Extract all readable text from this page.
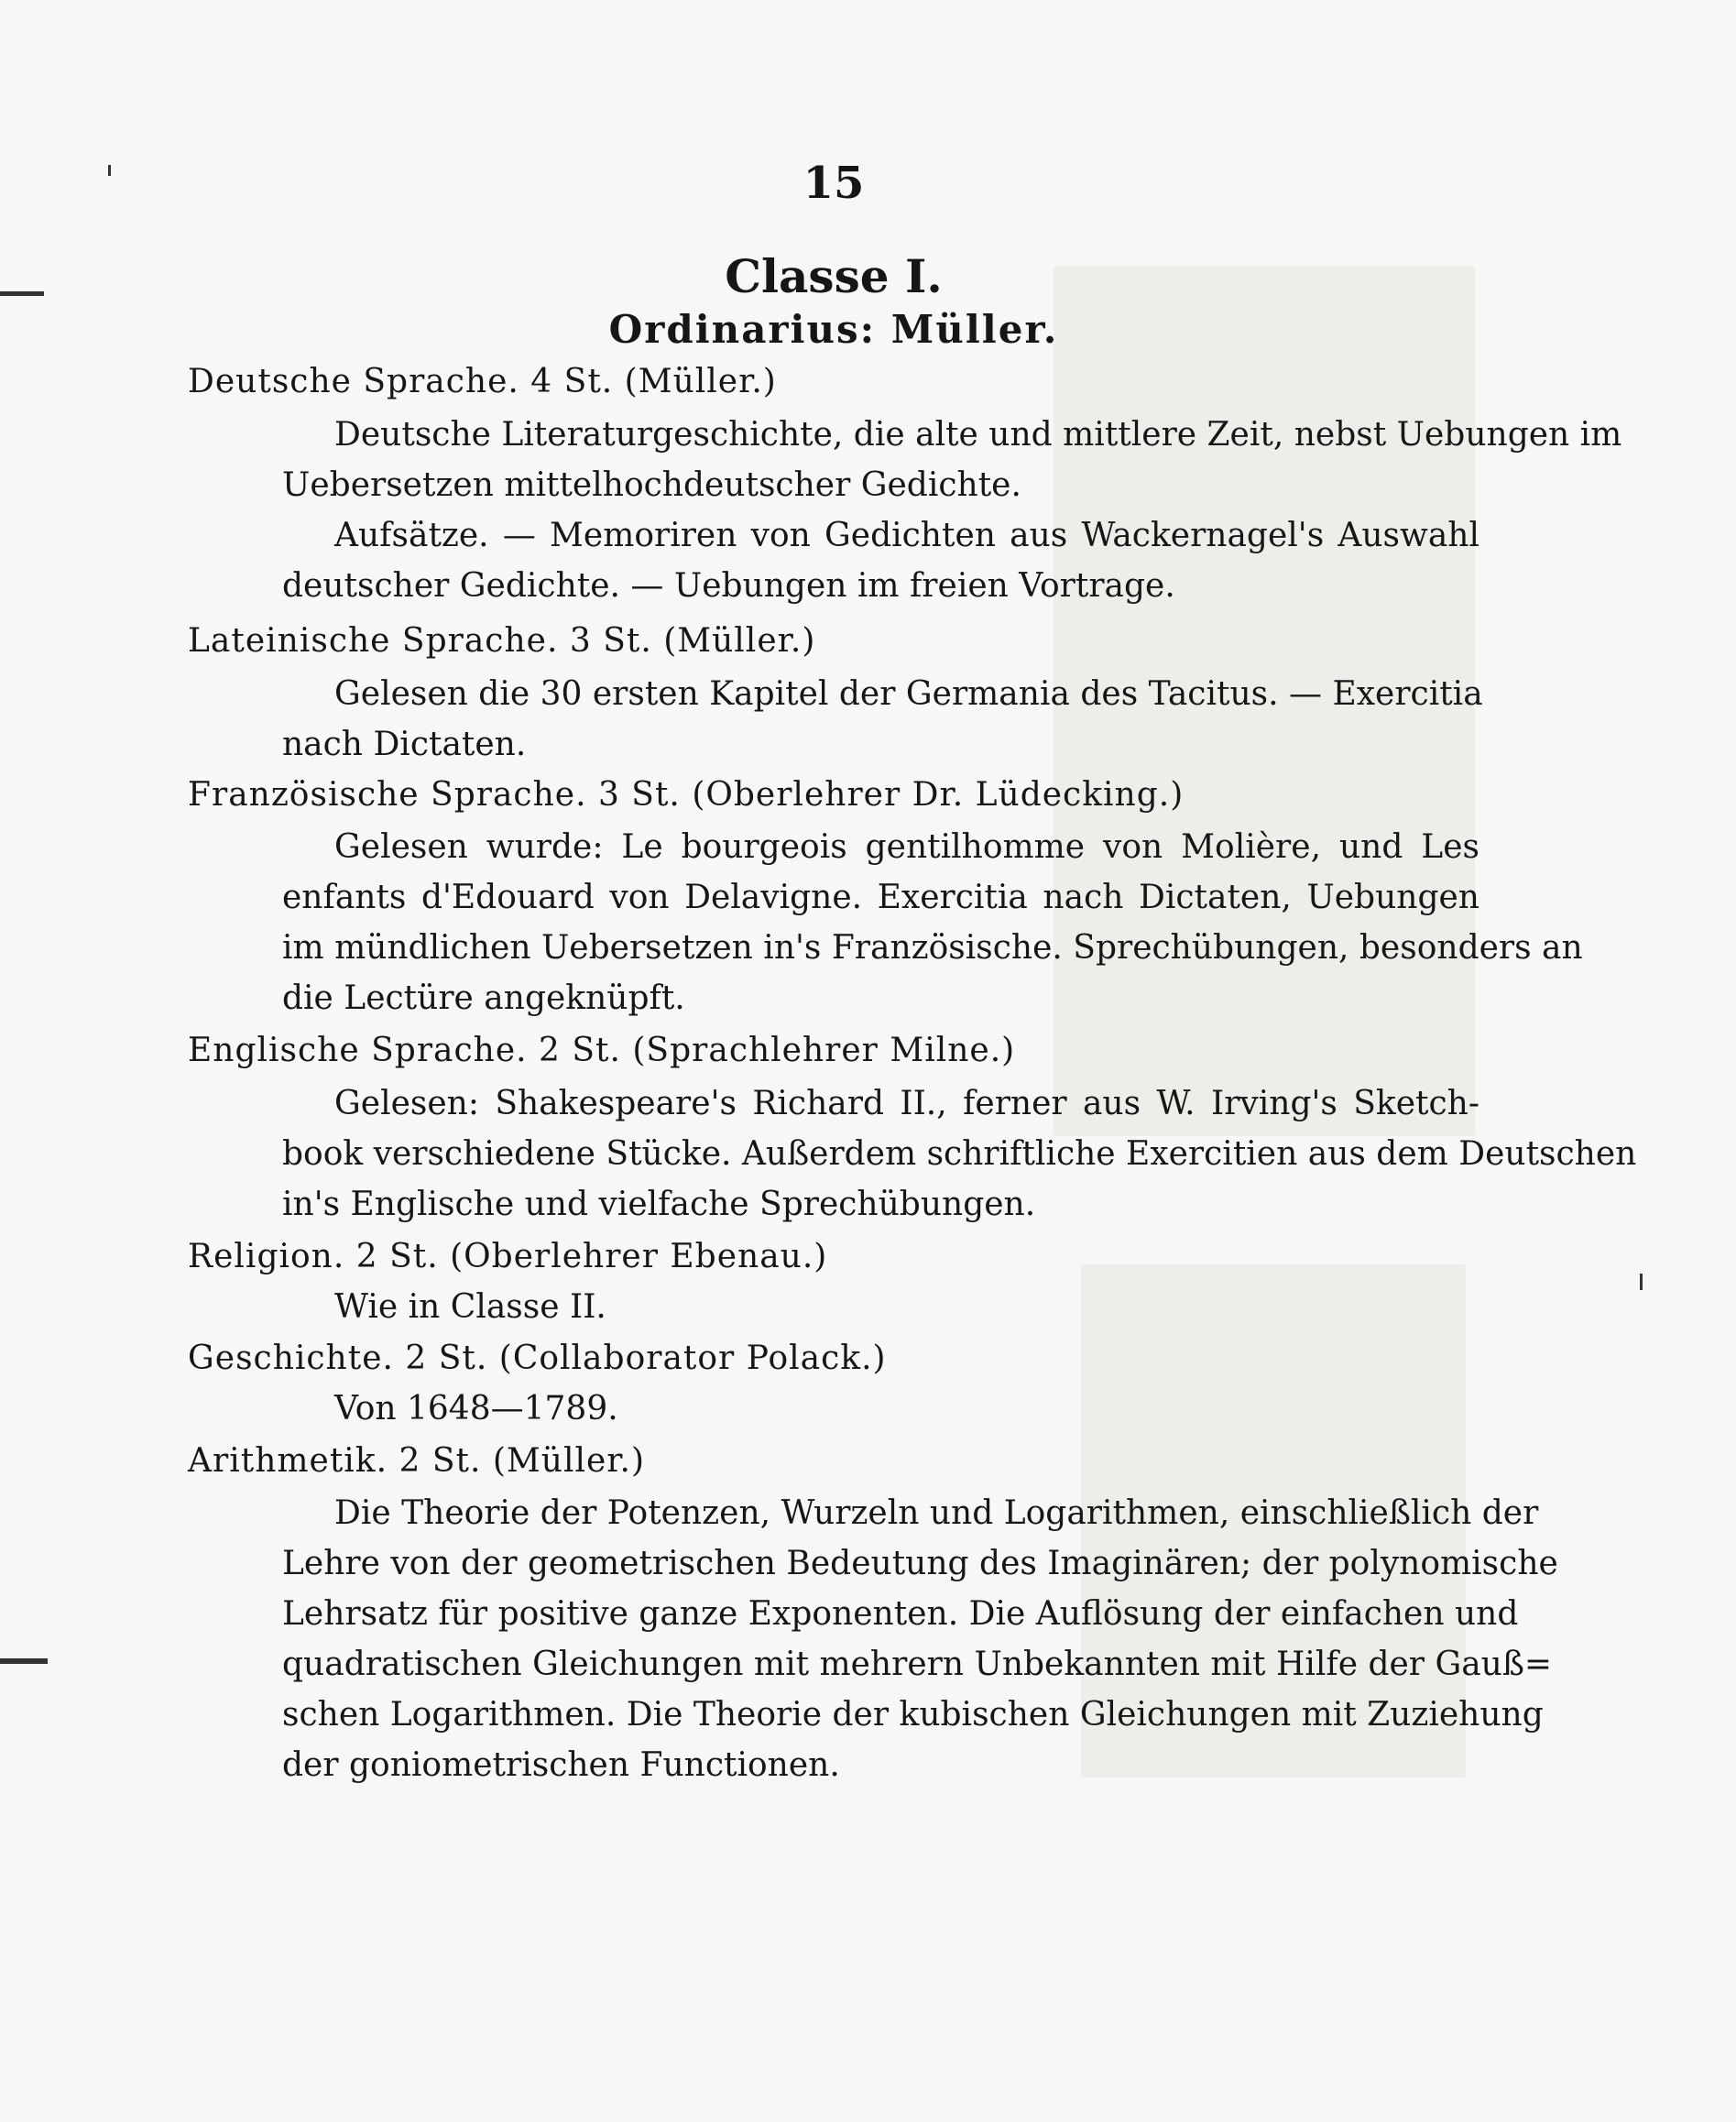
15
Classe I.
Ordinarius: Müller.
Deutsche Sprache. 4 St. (Müller.)
Deutsche Literaturgeschichte, die alte und mittlere Zeit, nebst Uebungen im
Uebersetzen mittelhochdeutscher Gedichte.
Aufsätze. — Memoriren von Gedichten aus Wackernagel's Auswahl
deutscher Gedichte. — Uebungen im freien Vortrage.
Lateinische Sprache. 3 St. (Müller.)
Gelesen die 30 ersten Kapitel der Germania des Tacitus. — Exercitia
nach Dictaten.
Französische Sprache. 3 St. (Oberlehrer Dr. Lüdecking.)
Gelesen wurde: Le bourgeois gentilhomme von Molière, und Les
enfants d'Edouard von Delavigne. Exercitia nach Dictaten, Uebungen
im mündlichen Uebersetzen in's Französische. Sprechübungen, besonders an
die Lectüre angeknüpft.
Englische Sprache. 2 St. (Sprachlehrer Milne.)
Gelesen: Shakespeare's Richard II., ferner aus W. Irving's Sketch-
book verschiedene Stücke. Außerdem schriftliche Exercitien aus dem Deutschen
in's Englische und vielfache Sprechübungen.
Religion. 2 St. (Oberlehrer Ebenau.)
Wie in Classe II.
Geschichte. 2 St. (Collaborator Polack.)
Von 1648—1789.
Arithmetik. 2 St. (Müller.)
Die Theorie der Potenzen, Wurzeln und Logarithmen, einschließlich der
Lehre von der geometrischen Bedeutung des Imaginären; der polynomische
Lehrsatz für positive ganze Exponenten. Die Auflösung der einfachen und
quadratischen Gleichungen mit mehrern Unbekannten mit Hilfe der Gauß=
schen Logarithmen. Die Theorie der kubischen Gleichungen mit Zuziehung
der goniometrischen Functionen.
